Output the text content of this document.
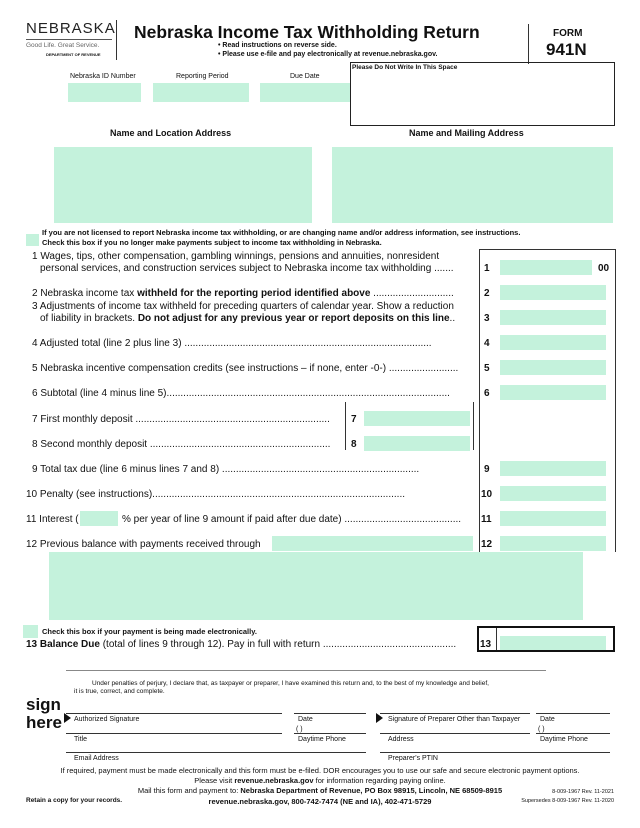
NEBRASKA
Good Life. Great Service.
DEPARTMENT OF REVENUE
Nebraska Income Tax Withholding Return
• Read instructions on reverse side.
• Please use e-file and pay electronically at revenue.nebraska.gov.
FORM
941N
Please Do Not Write In This Space
Nebraska ID Number	Reporting Period	Due Date
Name and Location Address	Name and Mailing Address
If you are not licensed to report Nebraska income tax withholding, or are changing name and/or address information, see instructions.
Check this box if you no longer make payments subject to income tax withholding in Nebraska.
1 Wages, tips, other compensation, gambling winnings, pensions and annuities, nonresident
personal services, and construction services subject to Nebraska income tax withholding .......	1	00
2 Nebraska income tax withheld for the reporting period identified above .............................	2
3 Adjustments of income tax withheld for preceding quarters of calendar year. Show a reduction
of liability in brackets. Do not adjust for any previous year or report deposits on this line..	3
4 Adjusted total (line 2 plus line 3) .........................................................................................	4
5 Nebraska incentive compensation credits (see instructions – if none, enter -0-) .........................	5
6 Subtotal (line 4 minus line 5)......................................................................................................	6
7 First monthly deposit ......................................................................	7
8 Second monthly deposit .................................................................	8
9 Total tax due (line 6 minus lines 7 and 8) .......................................................................	9
10 Penalty (see instructions)...........................................................................................	10
11 Interest (	% per year of line 9 amount if paid after due date) ..........................................	11
12 Previous balance with payments received through	12
Check this box if your payment is being made electronically.
13 Balance Due (total of lines 9 through 12). Pay in full with return ................................................	13
Under penalties of perjury, I declare that, as taxpayer or preparer, I have examined this return and, to the best of my knowledge and belief,
it is true, correct, and complete.
sign
here Authorized Signature	Date
( )
Title	Daytime Phone
Email Address
Signature of Preparer Other than Taxpayer	Date
( )
Address	Daytime Phone
Preparer's PTIN
If required, payment must be made electronically and this form must be e-filed. DOR encourages you to use our safe and secure electronic payment options.
Please visit revenue.nebraska.gov for information regarding paying online.
Mail this form and payment to: Nebraska Department of Revenue, PO Box 98915, Lincoln, NE 68509-8915
revenue.nebraska.gov, 800-742-7474 (NE and IA), 402-471-5729
Retain a copy for your records.
8-009-1967 Rev. 11-2021
Supersedes 8-009-1967 Rev. 11-2020
